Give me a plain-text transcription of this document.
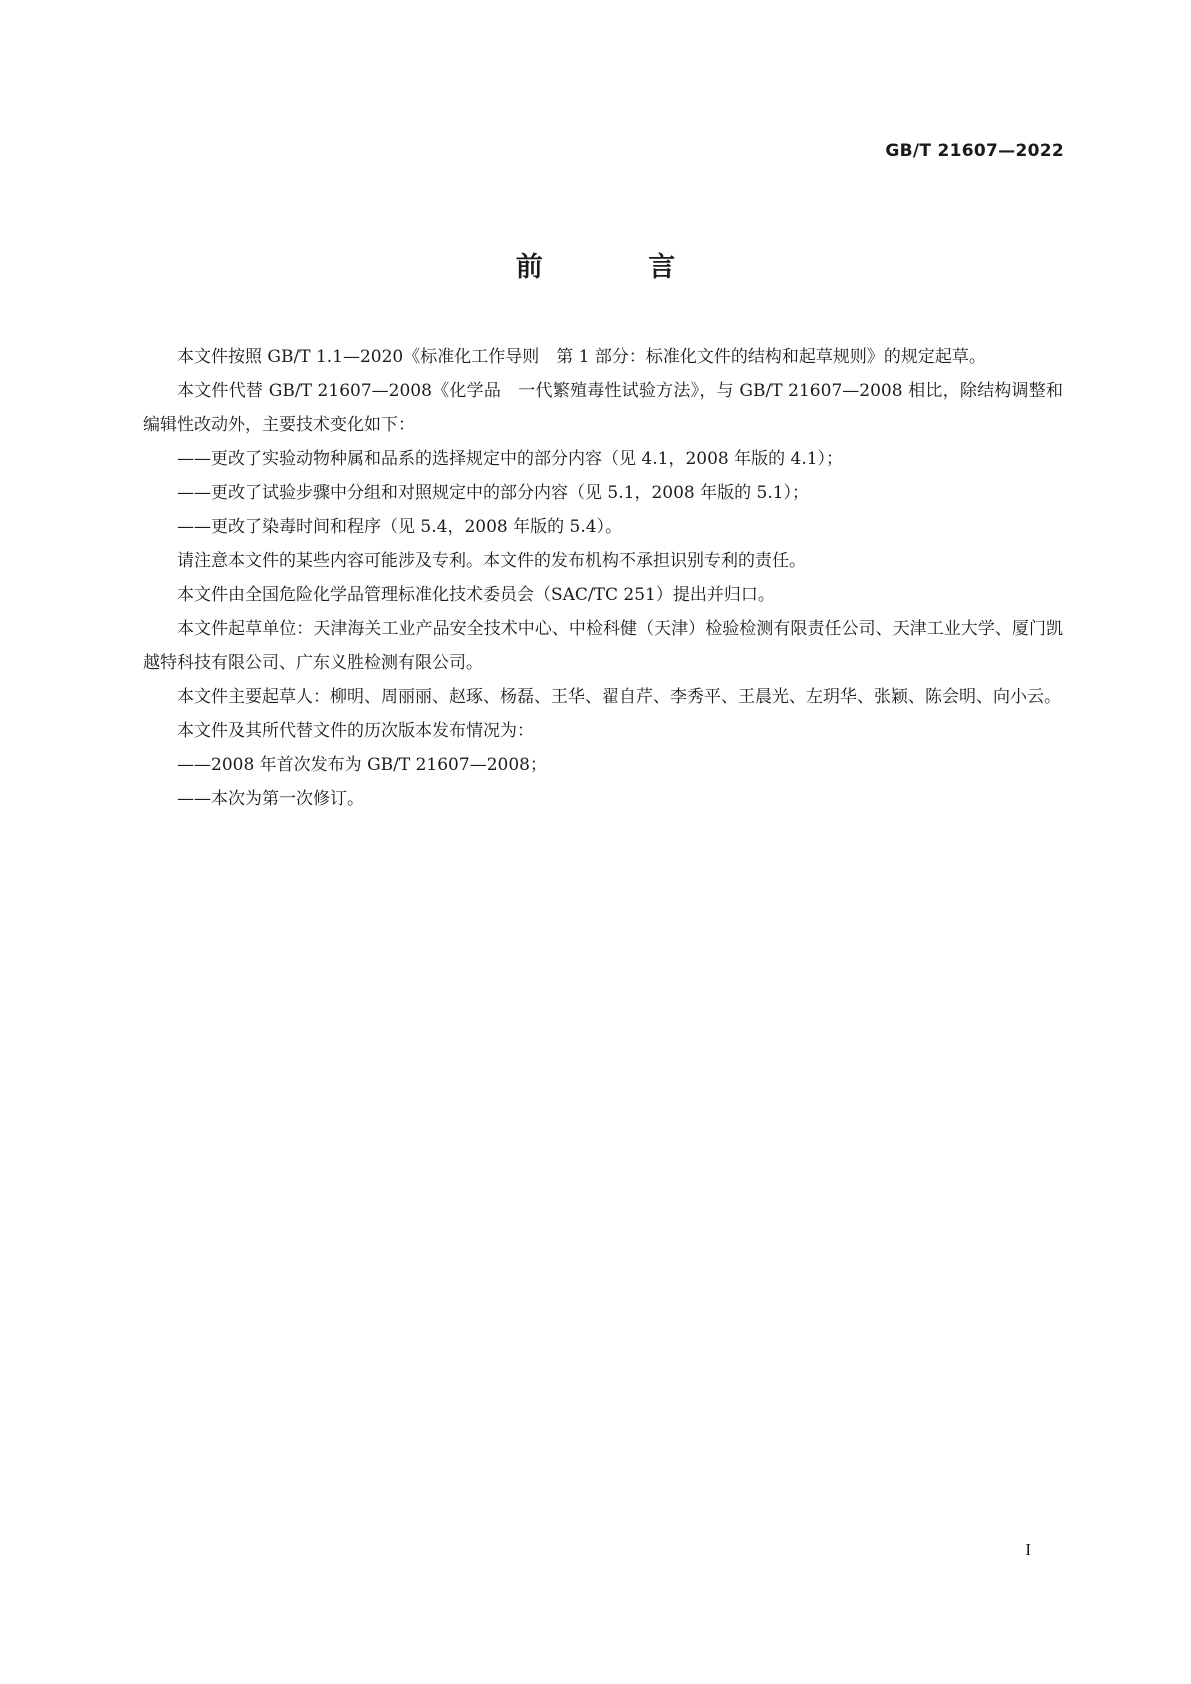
GB/T 21607—2022
前 言

本文件按照 GB/T 1.1—2020《标准化工作导则　第 1 部分：标准化文件的结构和起草规则》的规定起草。

本文件代替 GB/T 21607—2008《化学品　一代繁殖毒性试验方法》，与 GB/T 21607—2008 相比，除结构调整和编辑性改动外，主要技术变化如下：

——更改了实验动物种属和品系的选择规定中的部分内容（见 4.1，2008 年版的 4.1）；

——更改了试验步骤中分组和对照规定中的部分内容（见 5.1，2008 年版的 5.1）；

——更改了染毒时间和程序（见 5.4，2008 年版的 5.4）。

请注意本文件的某些内容可能涉及专利。本文件的发布机构不承担识别专利的责任。

本文件由全国危险化学品管理标准化技术委员会（SAC/TC 251）提出并归口。

本文件起草单位：天津海关工业产品安全技术中心、中检科健（天津）检验检测有限责任公司、天津工业大学、厦门凯越特科技有限公司、广东义胜检测有限公司。

本文件主要起草人：柳明、周丽丽、赵琢、杨磊、王华、翟自芹、李秀平、王晨光、左玥华、张颖、陈会明、向小云。

本文件及其所代替文件的历次版本发布情况为：

——2008 年首次发布为 GB/T 21607—2008；

——本次为第一次修订。

I
